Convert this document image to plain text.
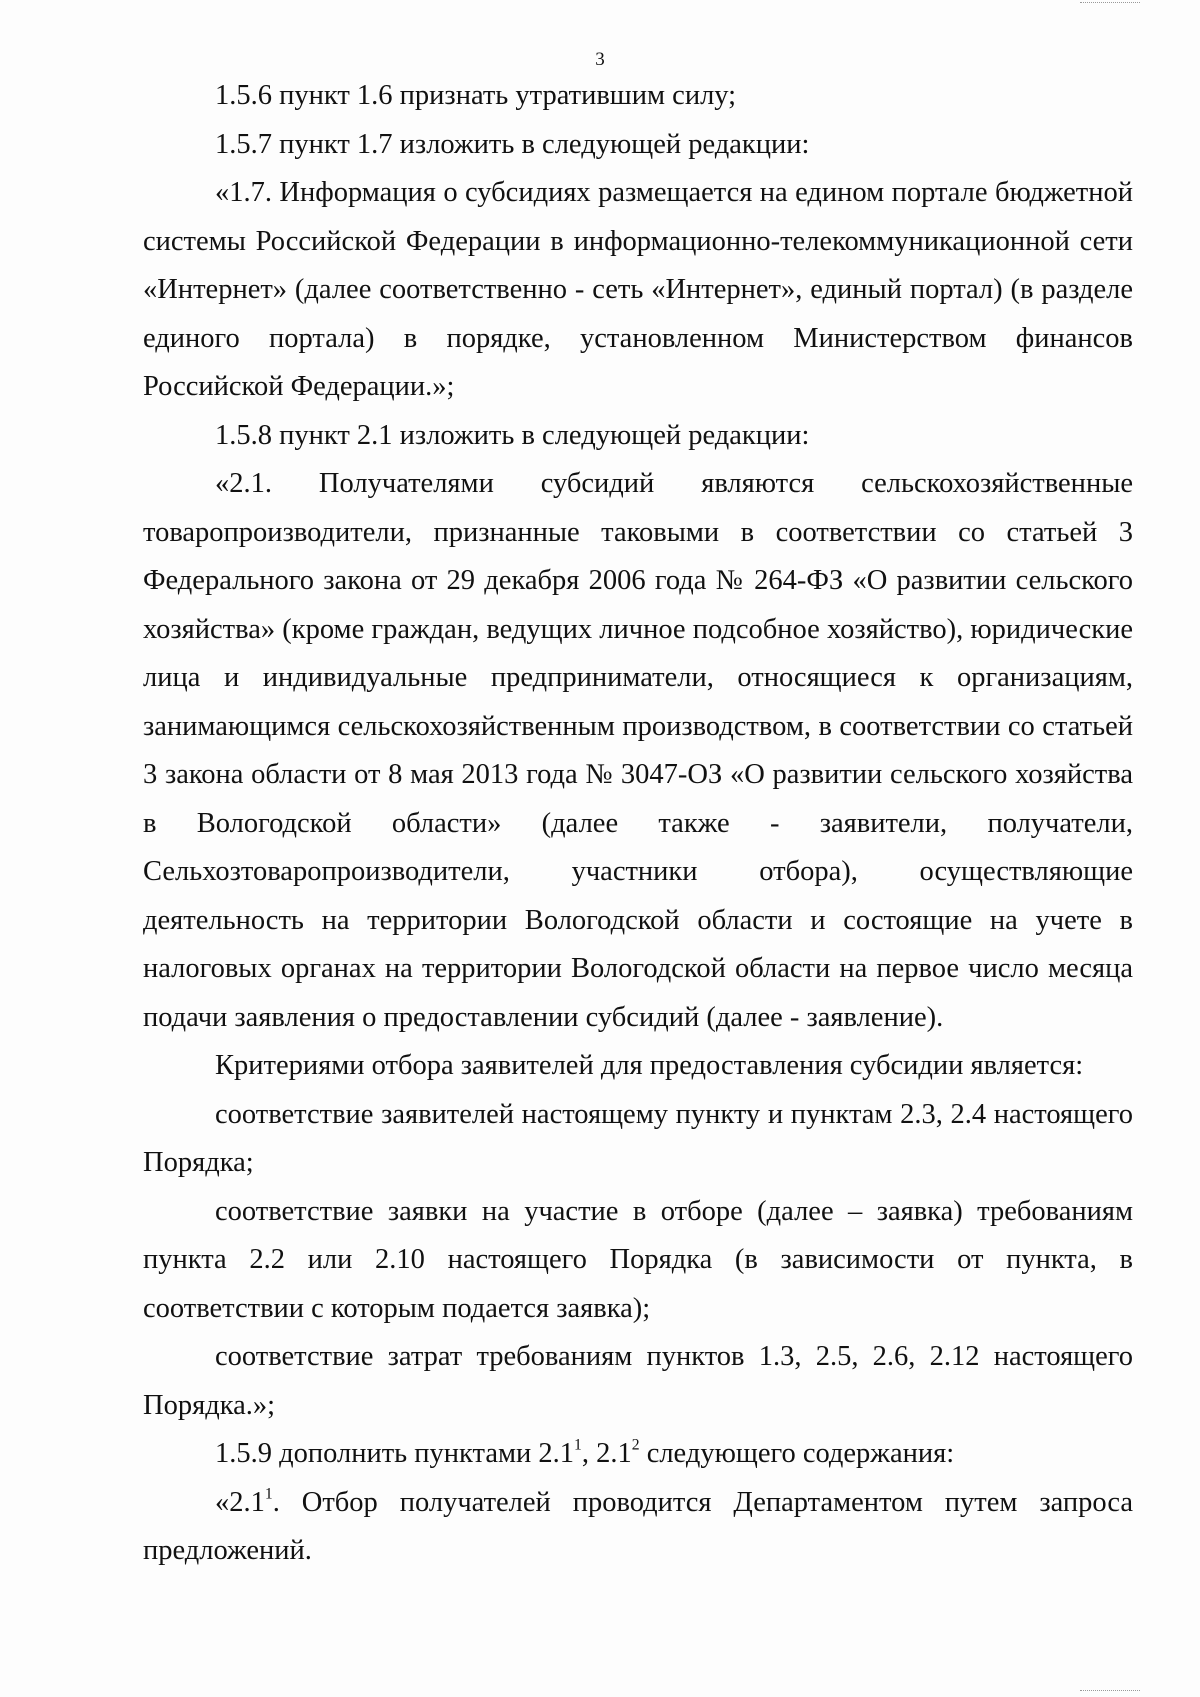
3

1.5.6 пункт 1.6 признать утратившим силу;

1.5.7 пункт 1.7 изложить в следующей редакции:

«1.7. Информация о субсидиях размещается на едином портале бюджетной системы Российской Федерации в информационно-телекоммуникационной сети «Интернет» (далее соответственно - сеть «Интернет», единый портал) (в разделе единого портала) в порядке, установленном Министерством финансов Российской Федерации.»;

1.5.8 пункт 2.1 изложить в следующей редакции:

«2.1. Получателями субсидий являются сельскохозяйственные товаропроизводители, признанные таковыми в соответствии со статьей 3 Федерального закона от 29 декабря 2006 года № 264-ФЗ «О развитии сельского хозяйства» (кроме граждан, ведущих личное подсобное хозяйство), юридические лица и индивидуальные предприниматели, относящиеся к организациям, занимающимся сельскохозяйственным производством, в соответствии со статьей 3 закона области от 8 мая 2013 года № 3047-ОЗ «О развитии сельского хозяйства в Вологодской области» (далее также - заявители, получатели, Сельхозтоваропроизводители, участники отбора), осуществляющие деятельность на территории Вологодской области и состоящие на учете в налоговых органах на территории Вологодской области на первое число месяца подачи заявления о предоставлении субсидий (далее - заявление).

Критериями отбора заявителей для предоставления субсидии является:

соответствие заявителей настоящему пункту и пунктам 2.3, 2.4 настоящего Порядка;

соответствие заявки на участие в отборе (далее – заявка) требованиям пункта 2.2 или 2.10 настоящего Порядка (в зависимости от пункта, в соответствии с которым подается заявка);

соответствие затрат требованиям пунктов 1.3, 2.5, 2.6, 2.12 настоящего Порядка.»;

1.5.9 дополнить пунктами $2.1^1$, $2.1^2$ следующего содержания:

«$2.1^1$. Отбор получателей проводится Департаментом путем запроса предложений.
